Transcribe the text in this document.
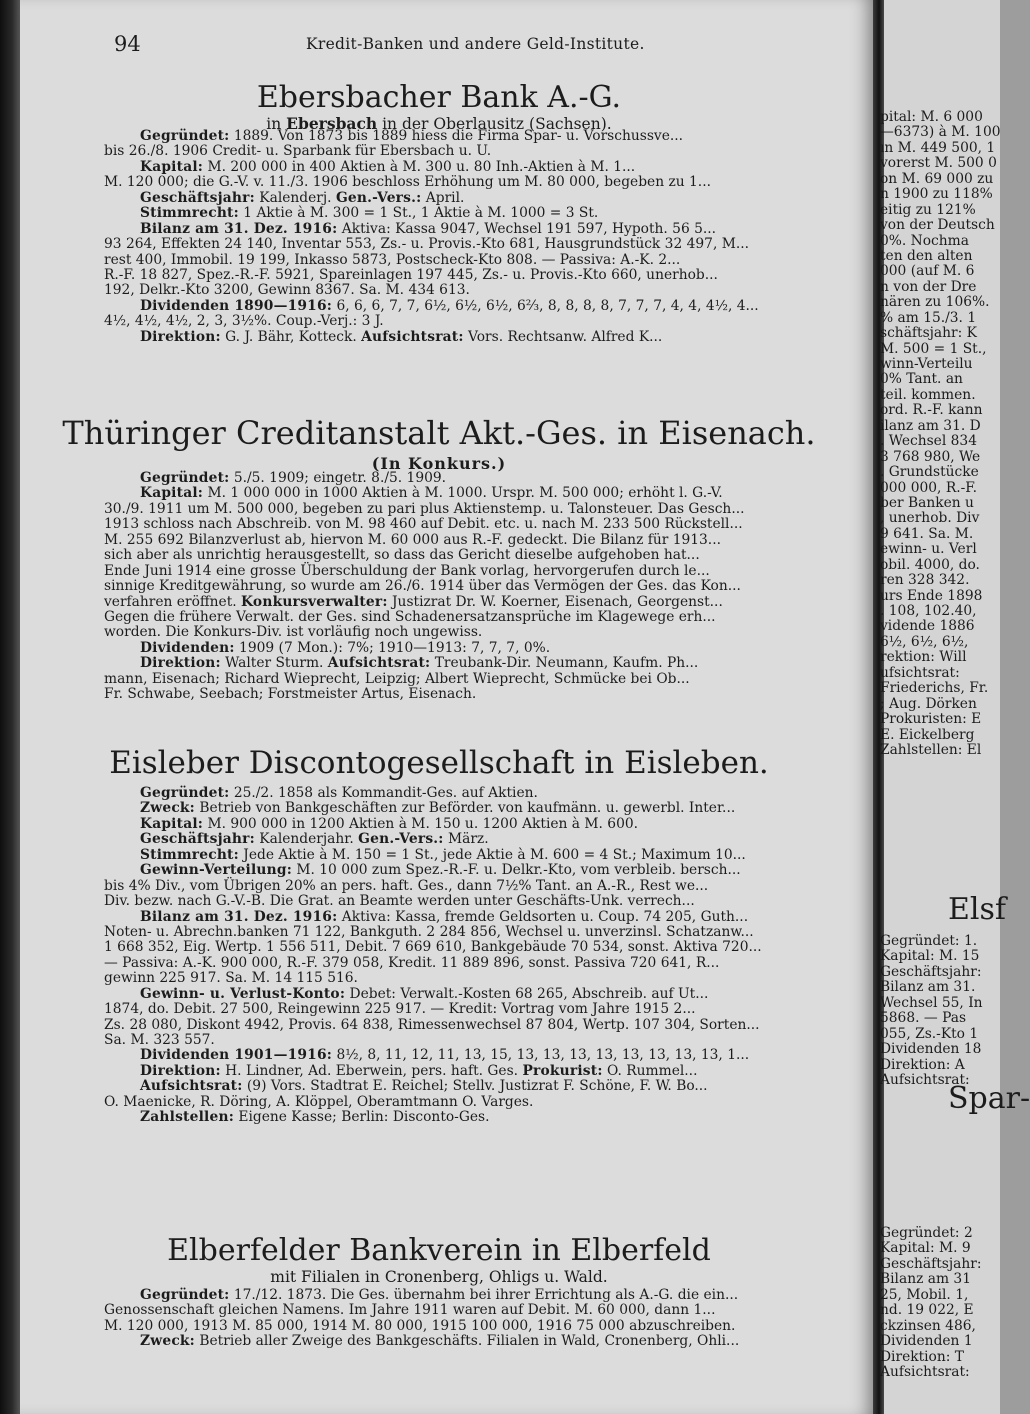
94	Kredit-Banken und andere Geld-Institute.
Ebersbacher Bank A.-G.
in Ebersbach in der Oberlausitz (Sachsen).
Gegründet: 1889. Von 1873 bis 1889 hiess die Firma Spar- u. Vorschussve...
bis 26./8. 1906 Credit- u. Sparbank für Ebersbach u. U.
Kapital: M. 200 000 in 400 Aktien à M. 300 u. 80 Inh.-Aktien à M. 1...
M. 120 000; die G.-V. v. 11./3. 1906 beschloss Erhöhung um M. 80 000, begeben zu 1...
Geschäftsjahr: Kalenderj. Gen.-Vers.: April.
Stimmrecht: 1 Aktie à M. 300 = 1 St., 1 Aktie à M. 1000 = 3 St.
Bilanz am 31. Dez. 1916: Aktiva: Kassa 9047, Wechsel 191 597, Hypoth. 56 5...
93 264, Effekten 24 140, Inventar 553, Zs.- u. Provis.-Kto 681, Hausgrundstück 32 497, M...
rest 400, Immobil. 19 199, Inkasso 5873, Postscheck-Kto 808. — Passiva: A.-K. 2...
R.-F. 18 827, Spez.-R.-F. 5921, Spareinlagen 197 445, Zs.- u. Provis.-Kto 660, unerhob...
192, Delkr.-Kto 3200, Gewinn 8367. Sa. M. 434 613.
Dividenden 1890—1916: 6, 6, 6, 7, 7, 6½, 6½, 6½, 6⅔, 8, 8, 8, 8, 7, 7, 7, 4, 4, 4½, 4...
4½, 4½, 4½, 2, 3, 3½%. Coup.-Verj.: 3 J.
Direktion: G. J. Bähr, Kotteck. Aufsichtsrat: Vors. Rechtsanw. Alfred K...
Thüringer Creditanstalt Akt.-Ges. in Eisenach.
(In Konkurs.)
Gegründet: 5./5. 1909; eingetr. 8./5. 1909.
Kapital: M. 1 000 000 in 1000 Aktien à M. 1000. Urspr. M. 500 000; erhöht l. G.-V.
30./9. 1911 um M. 500 000, begeben zu pari plus Aktienstemp. u. Talonsteuer. Das Gesch...
1913 schloss nach Abschreib. von M. 98 460 auf Debit. etc. u. nach M. 233 500 Rückstell...
M. 255 692 Bilanzverlust ab, hiervon M. 60 000 aus R.-F. gedeckt. Die Bilanz für 1913...
sich aber als unrichtig herausgestellt, so dass das Gericht dieselbe aufgehoben hat...
Ende Juni 1914 eine grosse Überschuldung der Bank vorlag, hervorgerufen durch le...
sinnige Kreditgewährung, so wurde am 26./6. 1914 über das Vermögen der Ges. das Kon...
verfahren eröffnet. Konkursverwalter: Justizrat Dr. W. Koerner, Eisenach, Georgenst...
Gegen die frühere Verwalt. der Ges. sind Schadenersatzansprüche im Klagewege erh...
worden. Die Konkurs-Div. ist vorläufig noch ungewiss.
Dividenden: 1909 (7 Mon.): 7%; 1910—1913: 7, 7, 7, 0%.
Direktion: Walter Sturm. Aufsichtsrat: Treubank-Dir. Neumann, Kaufm. Ph...
mann, Eisenach; Richard Wieprecht, Leipzig; Albert Wieprecht, Schmücke bei Ob...
Fr. Schwabe, Seebach; Forstmeister Artus, Eisenach.
Eisleber Discontogesellschaft in Eisleben.
Gegründet: 25./2. 1858 als Kommandit-Ges. auf Aktien.
Zweck: Betrieb von Bankgeschäften zur Beförder. von kaufmänn. u. gewerbl. Inter...
Kapital: M. 900 000 in 1200 Aktien à M. 150 u. 1200 Aktien à M. 600.
Geschäftsjahr: Kalenderjahr. Gen.-Vers.: März.
Stimmrecht: Jede Aktie à M. 150 = 1 St., jede Aktie à M. 600 = 4 St.; Maximum 10...
Gewinn-Verteilung: M. 10 000 zum Spez.-R.-F. u. Delkr.-Kto, vom verbleib. bersch...
bis 4% Div., vom Übrigen 20% an pers. haft. Ges., dann 7½% Tant. an A.-R., Rest we...
Div. bezw. nach G.-V.-B. Die Grat. an Beamte werden unter Geschäfts-Unk. verrech...
Bilanz am 31. Dez. 1916: Aktiva: Kassa, fremde Geldsorten u. Coup. 74 205, Guth...
Noten- u. Abrechn.banken 71 122, Bankguth. 2 284 856, Wechsel u. unverzinsl. Schatzanw...
1 668 352, Eig. Wertp. 1 556 511, Debit. 7 669 610, Bankgebäude 70 534, sonst. Aktiva 720...
— Passiva: A.-K. 900 000, R.-F. 379 058, Kredit. 11 889 896, sonst. Passiva 720 641, R...
gewinn 225 917. Sa. M. 14 115 516.
Gewinn- u. Verlust-Konto: Debet: Verwalt.-Kosten 68 265, Abschreib. auf Ut...
1874, do. Debit. 27 500, Reingewinn 225 917. — Kredit: Vortrag vom Jahre 1915 2...
Zs. 28 080, Diskont 4942, Provis. 64 838, Rimessenwechsel 87 804, Wertp. 107 304, Sorten...
Sa. M. 323 557.
Dividenden 1901—1916: 8½, 8, 11, 12, 11, 13, 15, 13, 13, 13, 13, 13, 13, 13, 13, 1...
Direktion: H. Lindner, Ad. Eberwein, pers. haft. Ges. Prokurist: O. Rummel...
Aufsichtsrat: (9) Vors. Stadtrat E. Reichel; Stellv. Justizrat F. Schöne, F. W. Bo...
O. Maenicke, R. Döring, A. Klöppel, Oberamtmann O. Varges.
Zahlstellen: Eigene Kasse; Berlin: Disconto-Ges.
Elberfelder Bankverein in Elberfeld
mit Filialen in Cronenberg, Ohligs u. Wald.
Gegründet: 17./12. 1873. Die Ges. übernahm bei ihrer Errichtung als A.-G. die ein...
Genossenschaft gleichen Namens. Im Jahre 1911 waren auf Debit. M. 60 000, dann 1...
M. 120 000, 1913 M. 85 000, 1914 M. 80 000, 1915 100 000, 1916 75 000 abzuschreiben.
Zweck: Betrieb aller Zweige des Bankgeschäfts. Filialen in Wald, Cronenberg, Ohli...
pital: M. 6 000
—6373) à M. 100
ın M. 449 500, 1
vorerst M. 500 0
on M. 69 000 zu
n 1900 zu 118%
eitig zu 121%
von der Deutsch
0%. Nochma
ten den alten
000 (auf M. 6
n von der Dre
nären zu 106%.
% am 15./3. 1
schäftsjahr: K
M. 500 = 1 St.,
winn-Verteilu
0% Tant. an
teil. kommen.
ord. R.-F. kann
ilanz am 31. D
. Wechsel 834
3 768 980, We
. Grundstücke
000 000, R.-F.
ber Banken u
, unerhob. Div
9 641. Sa. M.
ewinn- u. Verl
obil. 4000, do.
ren 328 342.
urs Ende 1898
. 108, 102.40,
vidende 1886
6½, 6½, 6½,
rektion: Will
ufsichtsrat:
Friederichs, Fr.
; Aug. Dörken
Prokuristen: E
E. Eickelberg
Zahlstellen: El
Elsf
Gegründet: 1.
Kapital: M. 15
Geschäftsjahr:
Bilanz am 31.
Wechsel 55, In
5868. — Pas
055, Zs.-Kto 1
Dividenden 18
Direktion: A
Aufsichtsrat:
Spar-
Gegründet: 2
Kapital: M. 9
Geschäftsjahr:
Bilanz am 31
25, Mobil. 1,
nd. 19 022, E
ckzinsen 486,
Dividenden 1
Direktion: T
Aufsichtsrat:
